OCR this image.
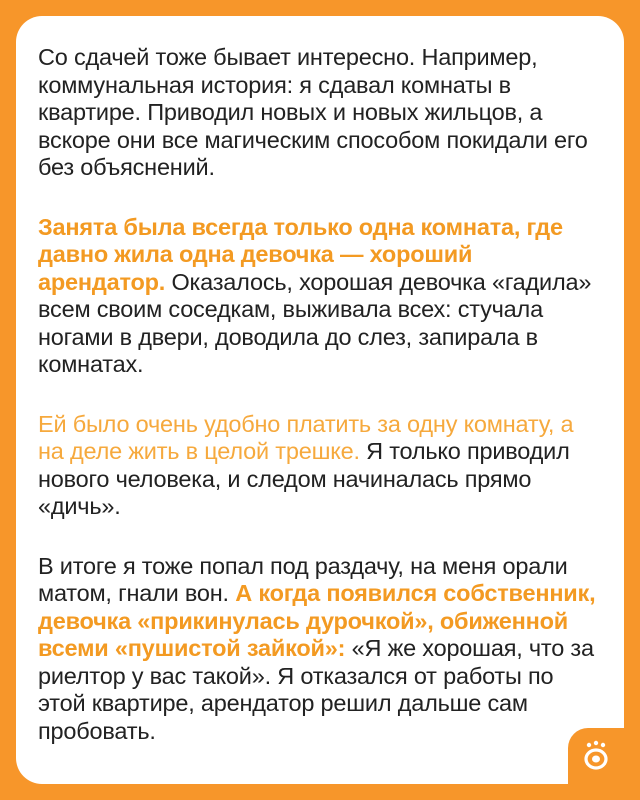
Со сдачей тоже бывает интересно. Например, коммунальная история: я сдавал комнаты в квартире. Приводил новых и новых жильцов, а вскоре они все магическим способом покидали его без объяснений.

Занята была всегда только одна комната, где давно жила одна девочка — хороший арендатор. Оказалось, хорошая девочка «гадила» всем своим соседкам, выживала всех: стучала ногами в двери, доводила до слез, запирала в комнатах.

Ей было очень удобно платить за одну комнату, а на деле жить в целой трешке. Я только приводил нового человека, и следом начиналась прямо «дичь».

В итоге я тоже попал под раздачу, на меня орали матом, гнали вон. А когда появился собственник, девочка «прикинулась дурочкой», обиженной всеми «пушистой зайкой»: «Я же хорошая, что за риелтор у вас такой». Я отказался от работы по этой квартире, арендатор решил дальше сам пробовать.
